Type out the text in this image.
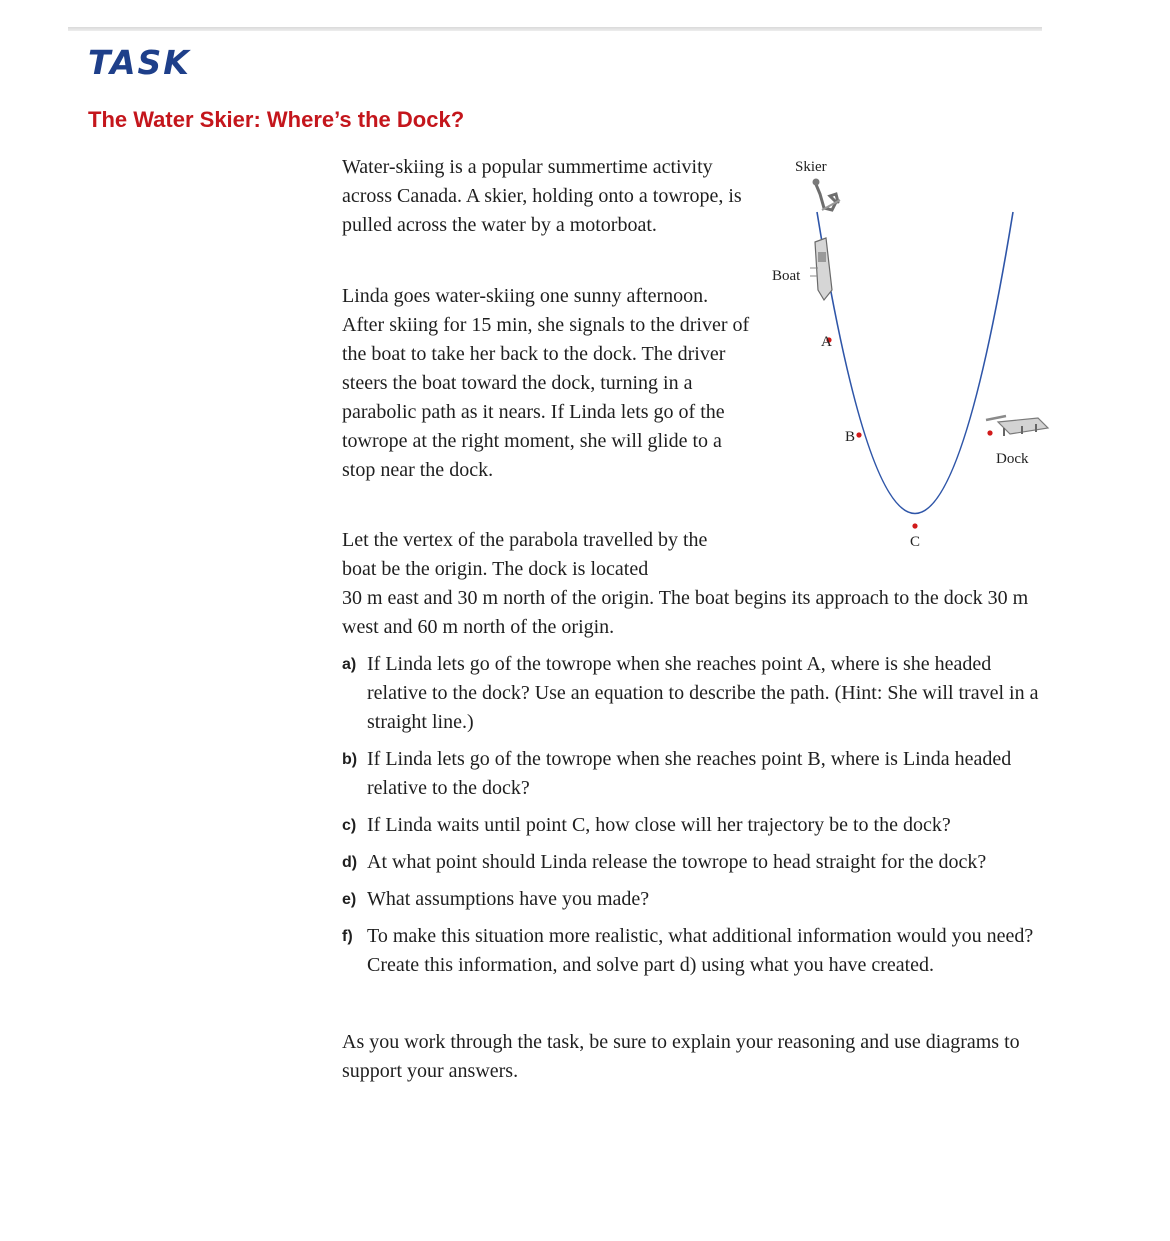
TASK
The Water Skier: Where’s the Dock?

Water-skiing is a popular summertime activity across Canada. A skier, holding onto a towrope, is pulled across the water by a motorboat.

Linda goes water-skiing one sunny afternoon. After skiing for 15 min, she signals to the driver of the boat to take her back to the dock. The driver steers the boat toward the dock, turning in a parabolic path as it nears. If Linda lets go of the towrope at the right moment, she will glide to a stop near the dock.

Let the vertex of the parabola travelled by the boat be the origin. The dock is located
30 m east and 30 m north of the origin. The boat begins its approach to the dock 30 m west and 60 m north of the origin.

A
B
C
Skier
Boat
Dock
a) If Linda lets go of the towrope when she reaches point A, where is she headed relative to the dock? Use an equation to describe the path. (Hint: She will travel in a straight line.)
b) If Linda lets go of the towrope when she reaches point B, where is Linda headed relative to the dock?
c) If Linda waits until point C, how close will her trajectory be to the dock?
d) At what point should Linda release the towrope to head straight for the dock?
e) What assumptions have you made?
f) To make this situation more realistic, what additional information would you need? Create this information, and solve part d) using what you have created.

As you work through the task, be sure to explain your reasoning and use diagrams to support your answers.
